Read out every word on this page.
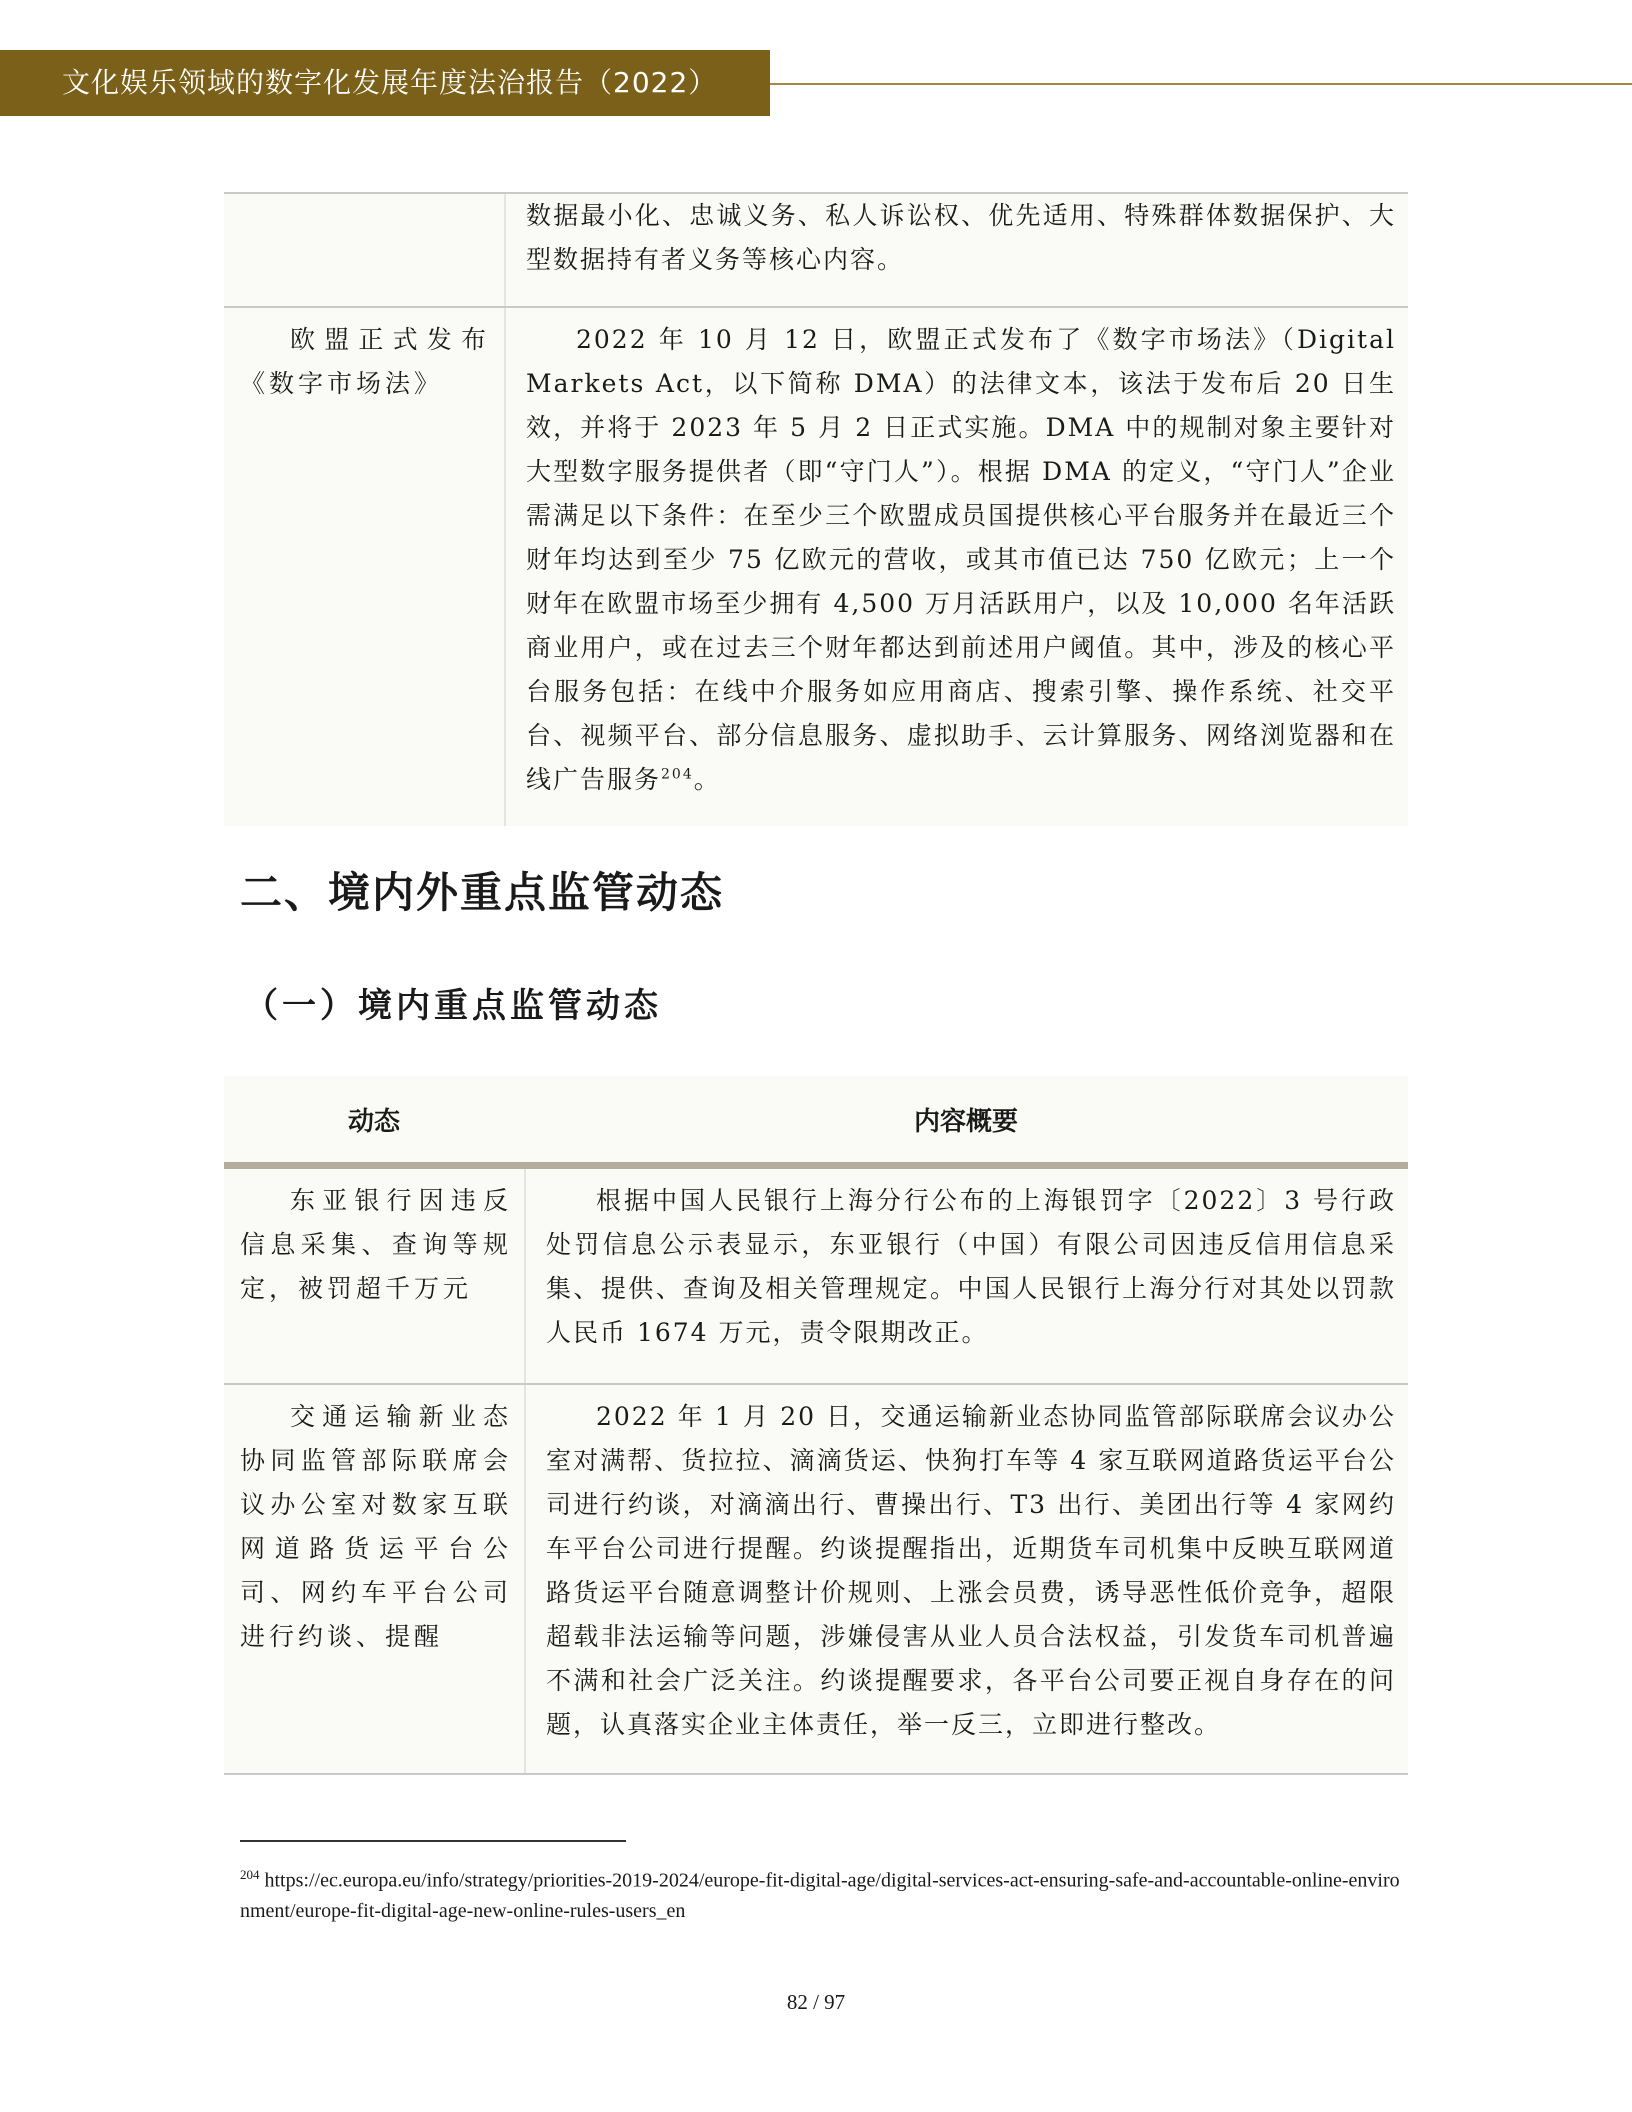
文化娱乐领域的数字化发展年度法治报告（2022）
数据最小化、忠诚义务、私人诉讼权、优先适用、特殊群体数据保护、大型数据持有者义务等核心内容。
欧盟正式发布《数字市场法》
2022 年 10 月 12 日，欧盟正式发布了《数字市场法》（Digital Markets Act，以下简称 DMA）的法律文本，该法于发布后 20 日生效，并将于 2023 年 5 月 2 日正式实施。DMA 中的规制对象主要针对大型数字服务提供者（即“守门人”）。根据 DMA 的定义，“守门人”企业需满足以下条件：在至少三个欧盟成员国提供核心平台服务并在最近三个财年均达到至少 75 亿欧元的营收，或其市值已达 750 亿欧元；上一个财年在欧盟市场至少拥有 4,500 万月活跃用户，以及 10,000 名年活跃商业用户，或在过去三个财年都达到前述用户阈值。其中，涉及的核心平台服务包括：在线中介服务如应用商店、搜索引擎、操作系统、社交平台、视频平台、部分信息服务、虚拟助手、云计算服务、网络浏览器和在线广告服务$^{204}$。
二、境内外重点监管动态
（一）境内重点监管动态
动态	内容概要
东亚银行因违反信息采集、查询等规定，被罚超千万元
根据中国人民银行上海分行公布的上海银罚字〔2022〕3 号行政处罚信息公示表显示，东亚银行（中国）有限公司因违反信用信息采集、提供、查询及相关管理规定。中国人民银行上海分行对其处以罚款人民币 1674 万元，责令限期改正。
交通运输新业态协同监管部际联席会议办公室对数家互联网道路货运平台公司、网约车平台公司进行约谈、提醒
2022 年 1 月 20 日，交通运输新业态协同监管部际联席会议办公室对满帮、货拉拉、滴滴货运、快狗打车等 4 家互联网道路货运平台公司进行约谈，对滴滴出行、曹操出行、T3 出行、美团出行等 4 家网约车平台公司进行提醒。约谈提醒指出，近期货车司机集中反映互联网道路货运平台随意调整计价规则、上涨会员费，诱导恶性低价竞争，超限超载非法运输等问题，涉嫌侵害从业人员合法权益，引发货车司机普遍不满和社会广泛关注。约谈提醒要求，各平台公司要正视自身存在的问题，认真落实企业主体责任，举一反三，立即进行整改。
$^{204}$ https://ec.europa.eu/info/strategy/priorities-2019-2024/europe-fit-digital-age/digital-services-act-ensuring-safe-and-accountable-online-environment/europe-fit-digital-age-new-online-rules-users_en
82 / 97
